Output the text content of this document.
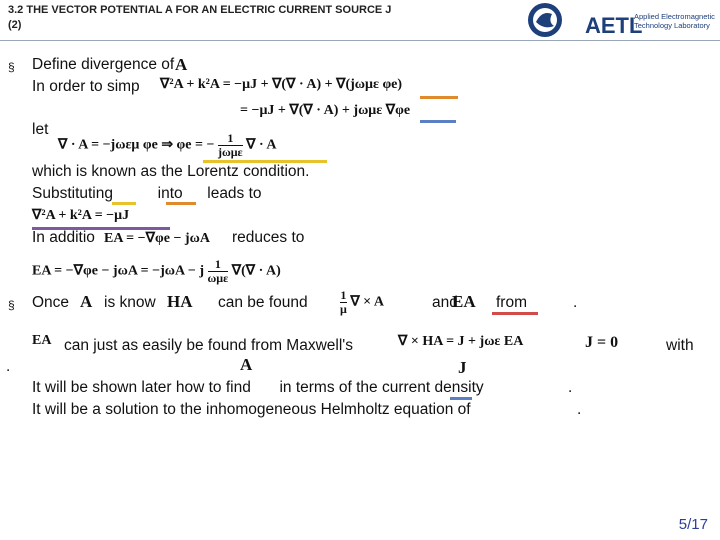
3.2 THE VECTOR POTENTIAL A FOR AN ELECTRIC CURRENT SOURCE J
(2)	AETL
Applied Electromagnetic Technology Laboratory
§ Define divergence of A
In order to simp ∇²A + k²A = −μJ + ∇(∇ · A) + ∇(jωμε φe)
= −μJ + ∇(∇ · A) + jωμε ∇φe
let
∇ · A = −jωεμ φe ⇒ φe = − $\frac{1}{\text{jωμε}}$ ∇ · A
which is known as the Lorentz condition.
Substituting	into leads to
∇²A + k²A = −μJ
In additio EA = −∇φe − jωA reduces to
EA = −∇φe − jωA = −jωA − j $\frac{1}{\text{ωμε}}$ ∇(∇ · A)
§ Once A is know HA can be found	$\frac{1}{\mu}$ ∇ × A	and
EA from	.
EA can just as easily be found from Maxwell's	∇ × HA = J + jωε EA	J = 0	with
.	A	J
It will be shown later how to find in terms of the current density	.
It will be a solution to the inhomogeneous Helmholtz equation of	.
5/17
